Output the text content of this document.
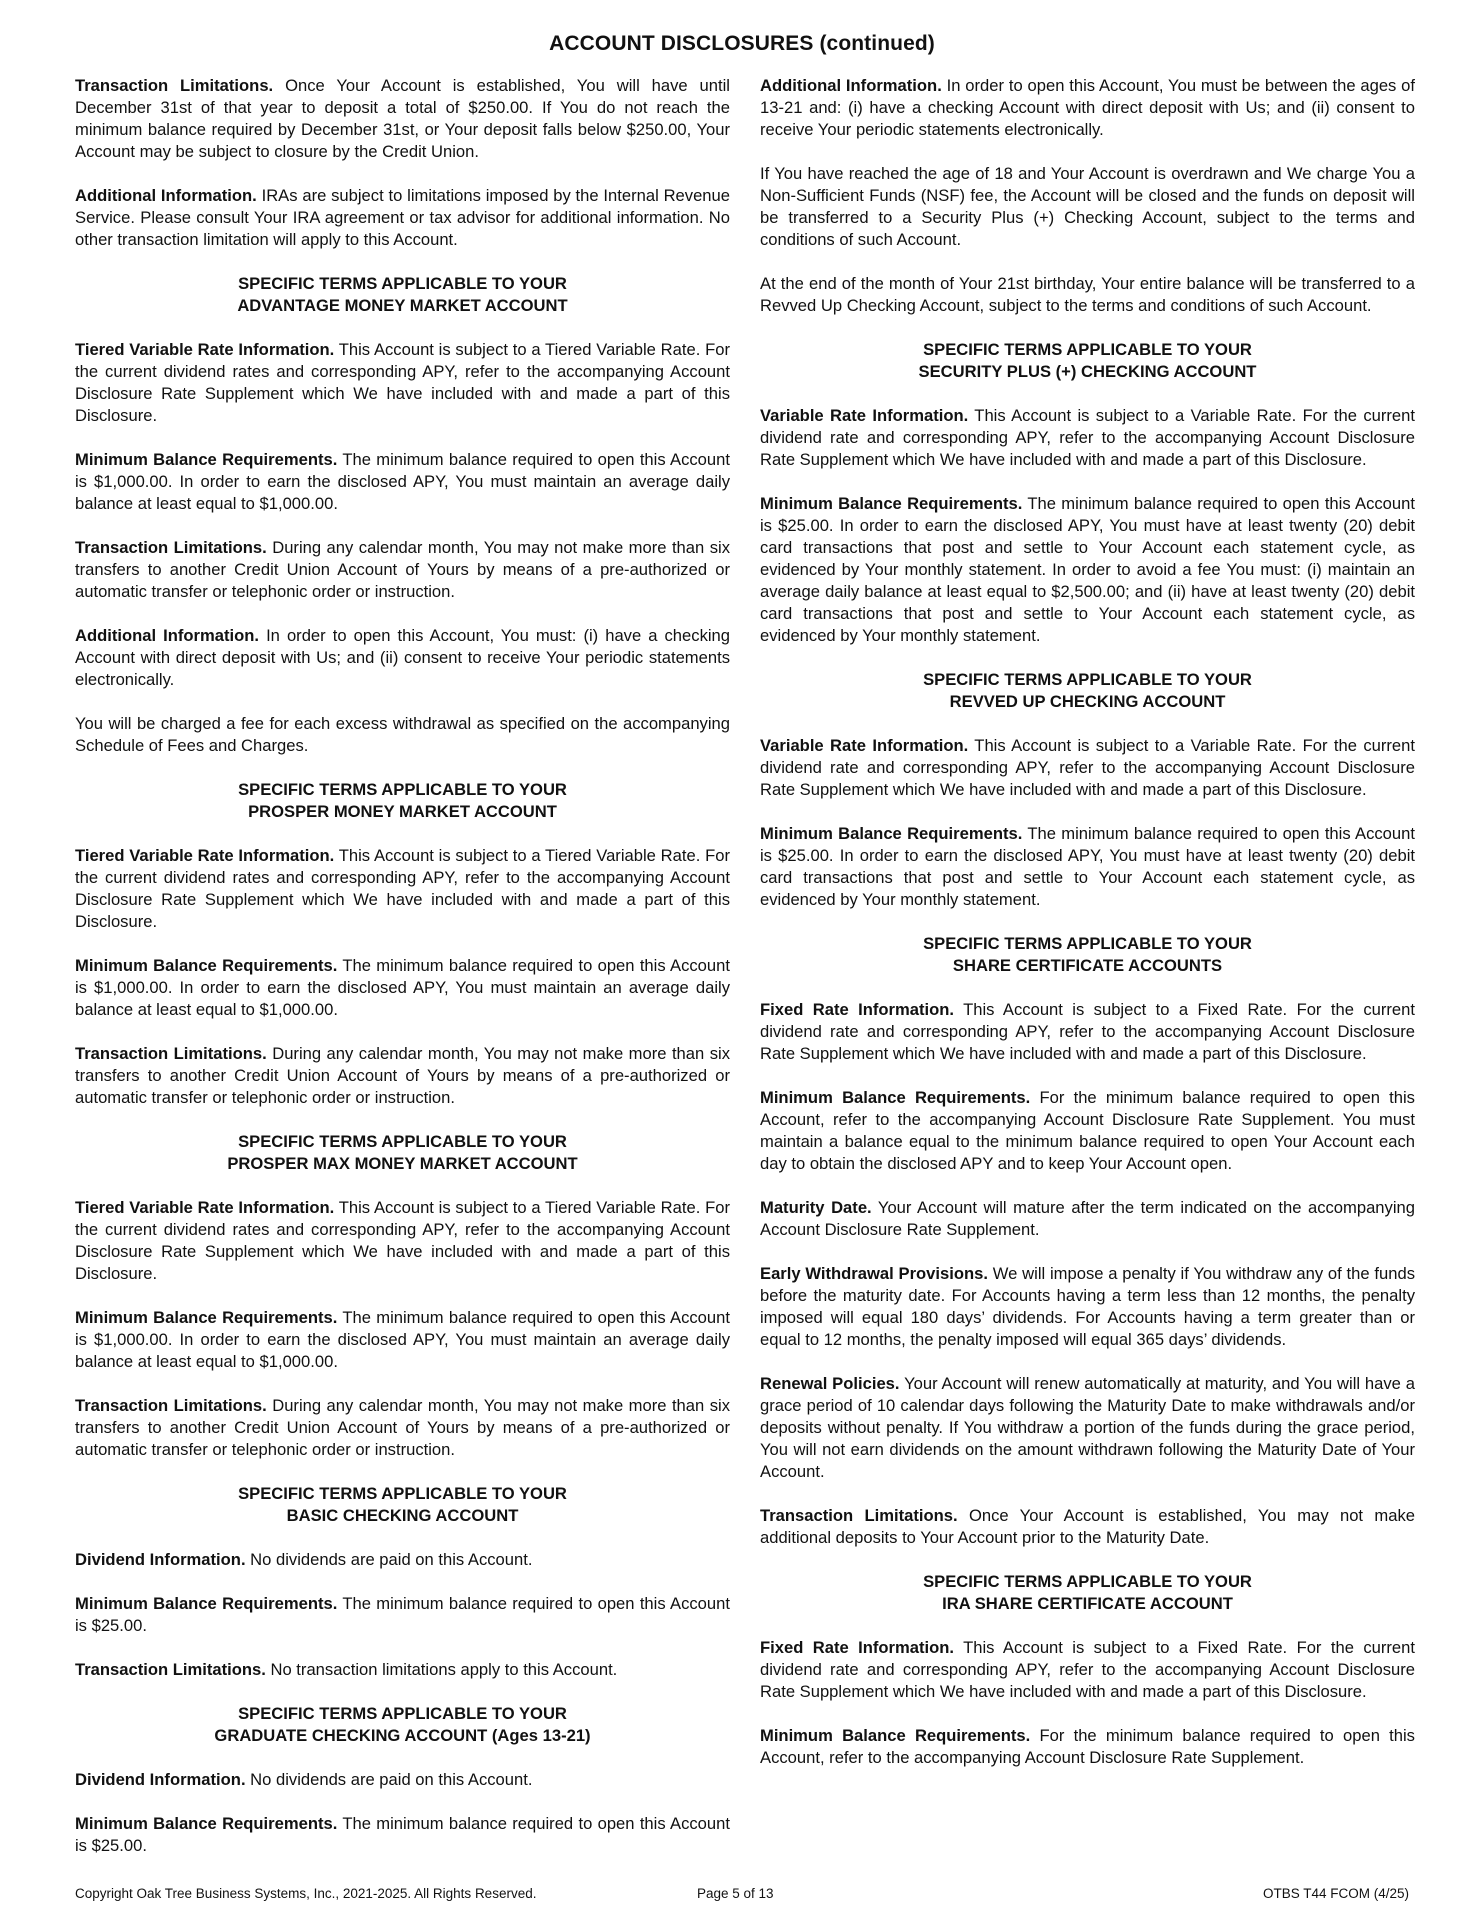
ACCOUNT DISCLOSURES (continued)
Transaction Limitations. Once Your Account is established, You will have until December 31st of that year to deposit a total of $250.00. If You do not reach the minimum balance required by December 31st, or Your deposit falls below $250.00, Your Account may be subject to closure by the Credit Union.
Additional Information. IRAs are subject to limitations imposed by the Internal Revenue Service. Please consult Your IRA agreement or tax advisor for additional information. No other transaction limitation will apply to this Account.
SPECIFIC TERMS APPLICABLE TO YOUR
ADVANTAGE MONEY MARKET ACCOUNT
Tiered Variable Rate Information. This Account is subject to a Tiered Variable Rate. For the current dividend rates and corresponding APY, refer to the accompanying Account Disclosure Rate Supplement which We have included with and made a part of this Disclosure.
Minimum Balance Requirements. The minimum balance required to open this Account is $1,000.00. In order to earn the disclosed APY, You must maintain an average daily balance at least equal to $1,000.00.
Transaction Limitations. During any calendar month, You may not make more than six transfers to another Credit Union Account of Yours by means of a pre-authorized or automatic transfer or telephonic order or instruction.
Additional Information. In order to open this Account, You must: (i) have a checking Account with direct deposit with Us; and (ii) consent to receive Your periodic statements electronically.
You will be charged a fee for each excess withdrawal as specified on the accompanying Schedule of Fees and Charges.
SPECIFIC TERMS APPLICABLE TO YOUR
PROSPER MONEY MARKET ACCOUNT
Tiered Variable Rate Information. This Account is subject to a Tiered Variable Rate. For the current dividend rates and corresponding APY, refer to the accompanying Account Disclosure Rate Supplement which We have included with and made a part of this Disclosure.
Minimum Balance Requirements. The minimum balance required to open this Account is $1,000.00. In order to earn the disclosed APY, You must maintain an average daily balance at least equal to $1,000.00.
Transaction Limitations. During any calendar month, You may not make more than six transfers to another Credit Union Account of Yours by means of a pre-authorized or automatic transfer or telephonic order or instruction.
SPECIFIC TERMS APPLICABLE TO YOUR
PROSPER MAX MONEY MARKET ACCOUNT
Tiered Variable Rate Information. This Account is subject to a Tiered Variable Rate. For the current dividend rates and corresponding APY, refer to the accompanying Account Disclosure Rate Supplement which We have included with and made a part of this Disclosure.
Minimum Balance Requirements. The minimum balance required to open this Account is $1,000.00. In order to earn the disclosed APY, You must maintain an average daily balance at least equal to $1,000.00.
Transaction Limitations. During any calendar month, You may not make more than six transfers to another Credit Union Account of Yours by means of a pre-authorized or automatic transfer or telephonic order or instruction.
SPECIFIC TERMS APPLICABLE TO YOUR
BASIC CHECKING ACCOUNT
Dividend Information. No dividends are paid on this Account.
Minimum Balance Requirements. The minimum balance required to open this Account is $25.00.
Transaction Limitations. No transaction limitations apply to this Account.
SPECIFIC TERMS APPLICABLE TO YOUR
GRADUATE CHECKING ACCOUNT (Ages 13-21)
Dividend Information. No dividends are paid on this Account.
Minimum Balance Requirements. The minimum balance required to open this Account is $25.00.
Additional Information. In order to open this Account, You must be between the ages of 13-21 and: (i) have a checking Account with direct deposit with Us; and (ii) consent to receive Your periodic statements electronically.
If You have reached the age of 18 and Your Account is overdrawn and We charge You a Non-Sufficient Funds (NSF) fee, the Account will be closed and the funds on deposit will be transferred to a Security Plus (+) Checking Account, subject to the terms and conditions of such Account.
At the end of the month of Your 21st birthday, Your entire balance will be transferred to a Revved Up Checking Account, subject to the terms and conditions of such Account.
SPECIFIC TERMS APPLICABLE TO YOUR
SECURITY PLUS (+) CHECKING ACCOUNT
Variable Rate Information. This Account is subject to a Variable Rate. For the current dividend rate and corresponding APY, refer to the accompanying Account Disclosure Rate Supplement which We have included with and made a part of this Disclosure.
Minimum Balance Requirements. The minimum balance required to open this Account is $25.00. In order to earn the disclosed APY, You must have at least twenty (20) debit card transactions that post and settle to Your Account each statement cycle, as evidenced by Your monthly statement. In order to avoid a fee You must: (i) maintain an average daily balance at least equal to $2,500.00; and (ii) have at least twenty (20) debit card transactions that post and settle to Your Account each statement cycle, as evidenced by Your monthly statement.
SPECIFIC TERMS APPLICABLE TO YOUR
REVVED UP CHECKING ACCOUNT
Variable Rate Information. This Account is subject to a Variable Rate. For the current dividend rate and corresponding APY, refer to the accompanying Account Disclosure Rate Supplement which We have included with and made a part of this Disclosure.
Minimum Balance Requirements. The minimum balance required to open this Account is $25.00. In order to earn the disclosed APY, You must have at least twenty (20) debit card transactions that post and settle to Your Account each statement cycle, as evidenced by Your monthly statement.
SPECIFIC TERMS APPLICABLE TO YOUR
SHARE CERTIFICATE ACCOUNTS
Fixed Rate Information. This Account is subject to a Fixed Rate. For the current dividend rate and corresponding APY, refer to the accompanying Account Disclosure Rate Supplement which We have included with and made a part of this Disclosure.
Minimum Balance Requirements. For the minimum balance required to open this Account, refer to the accompanying Account Disclosure Rate Supplement. You must maintain a balance equal to the minimum balance required to open Your Account each day to obtain the disclosed APY and to keep Your Account open.
Maturity Date. Your Account will mature after the term indicated on the accompanying Account Disclosure Rate Supplement.
Early Withdrawal Provisions. We will impose a penalty if You withdraw any of the funds before the maturity date. For Accounts having a term less than 12 months, the penalty imposed will equal 180 days’ dividends. For Accounts having a term greater than or equal to 12 months, the penalty imposed will equal 365 days’ dividends.
Renewal Policies. Your Account will renew automatically at maturity, and You will have a grace period of 10 calendar days following the Maturity Date to make withdrawals and/or deposits without penalty. If You withdraw a portion of the funds during the grace period, You will not earn dividends on the amount withdrawn following the Maturity Date of Your Account.
Transaction Limitations. Once Your Account is established, You may not make additional deposits to Your Account prior to the Maturity Date.
SPECIFIC TERMS APPLICABLE TO YOUR
IRA SHARE CERTIFICATE ACCOUNT
Fixed Rate Information. This Account is subject to a Fixed Rate. For the current dividend rate and corresponding APY, refer to the accompanying Account Disclosure Rate Supplement which We have included with and made a part of this Disclosure.
Minimum Balance Requirements. For the minimum balance required to open this Account, refer to the accompanying Account Disclosure Rate Supplement.
Copyright Oak Tree Business Systems, Inc., 2021-2025. All Rights Reserved.	Page 5 of 13	OTBS T44 FCOM (4/25)
